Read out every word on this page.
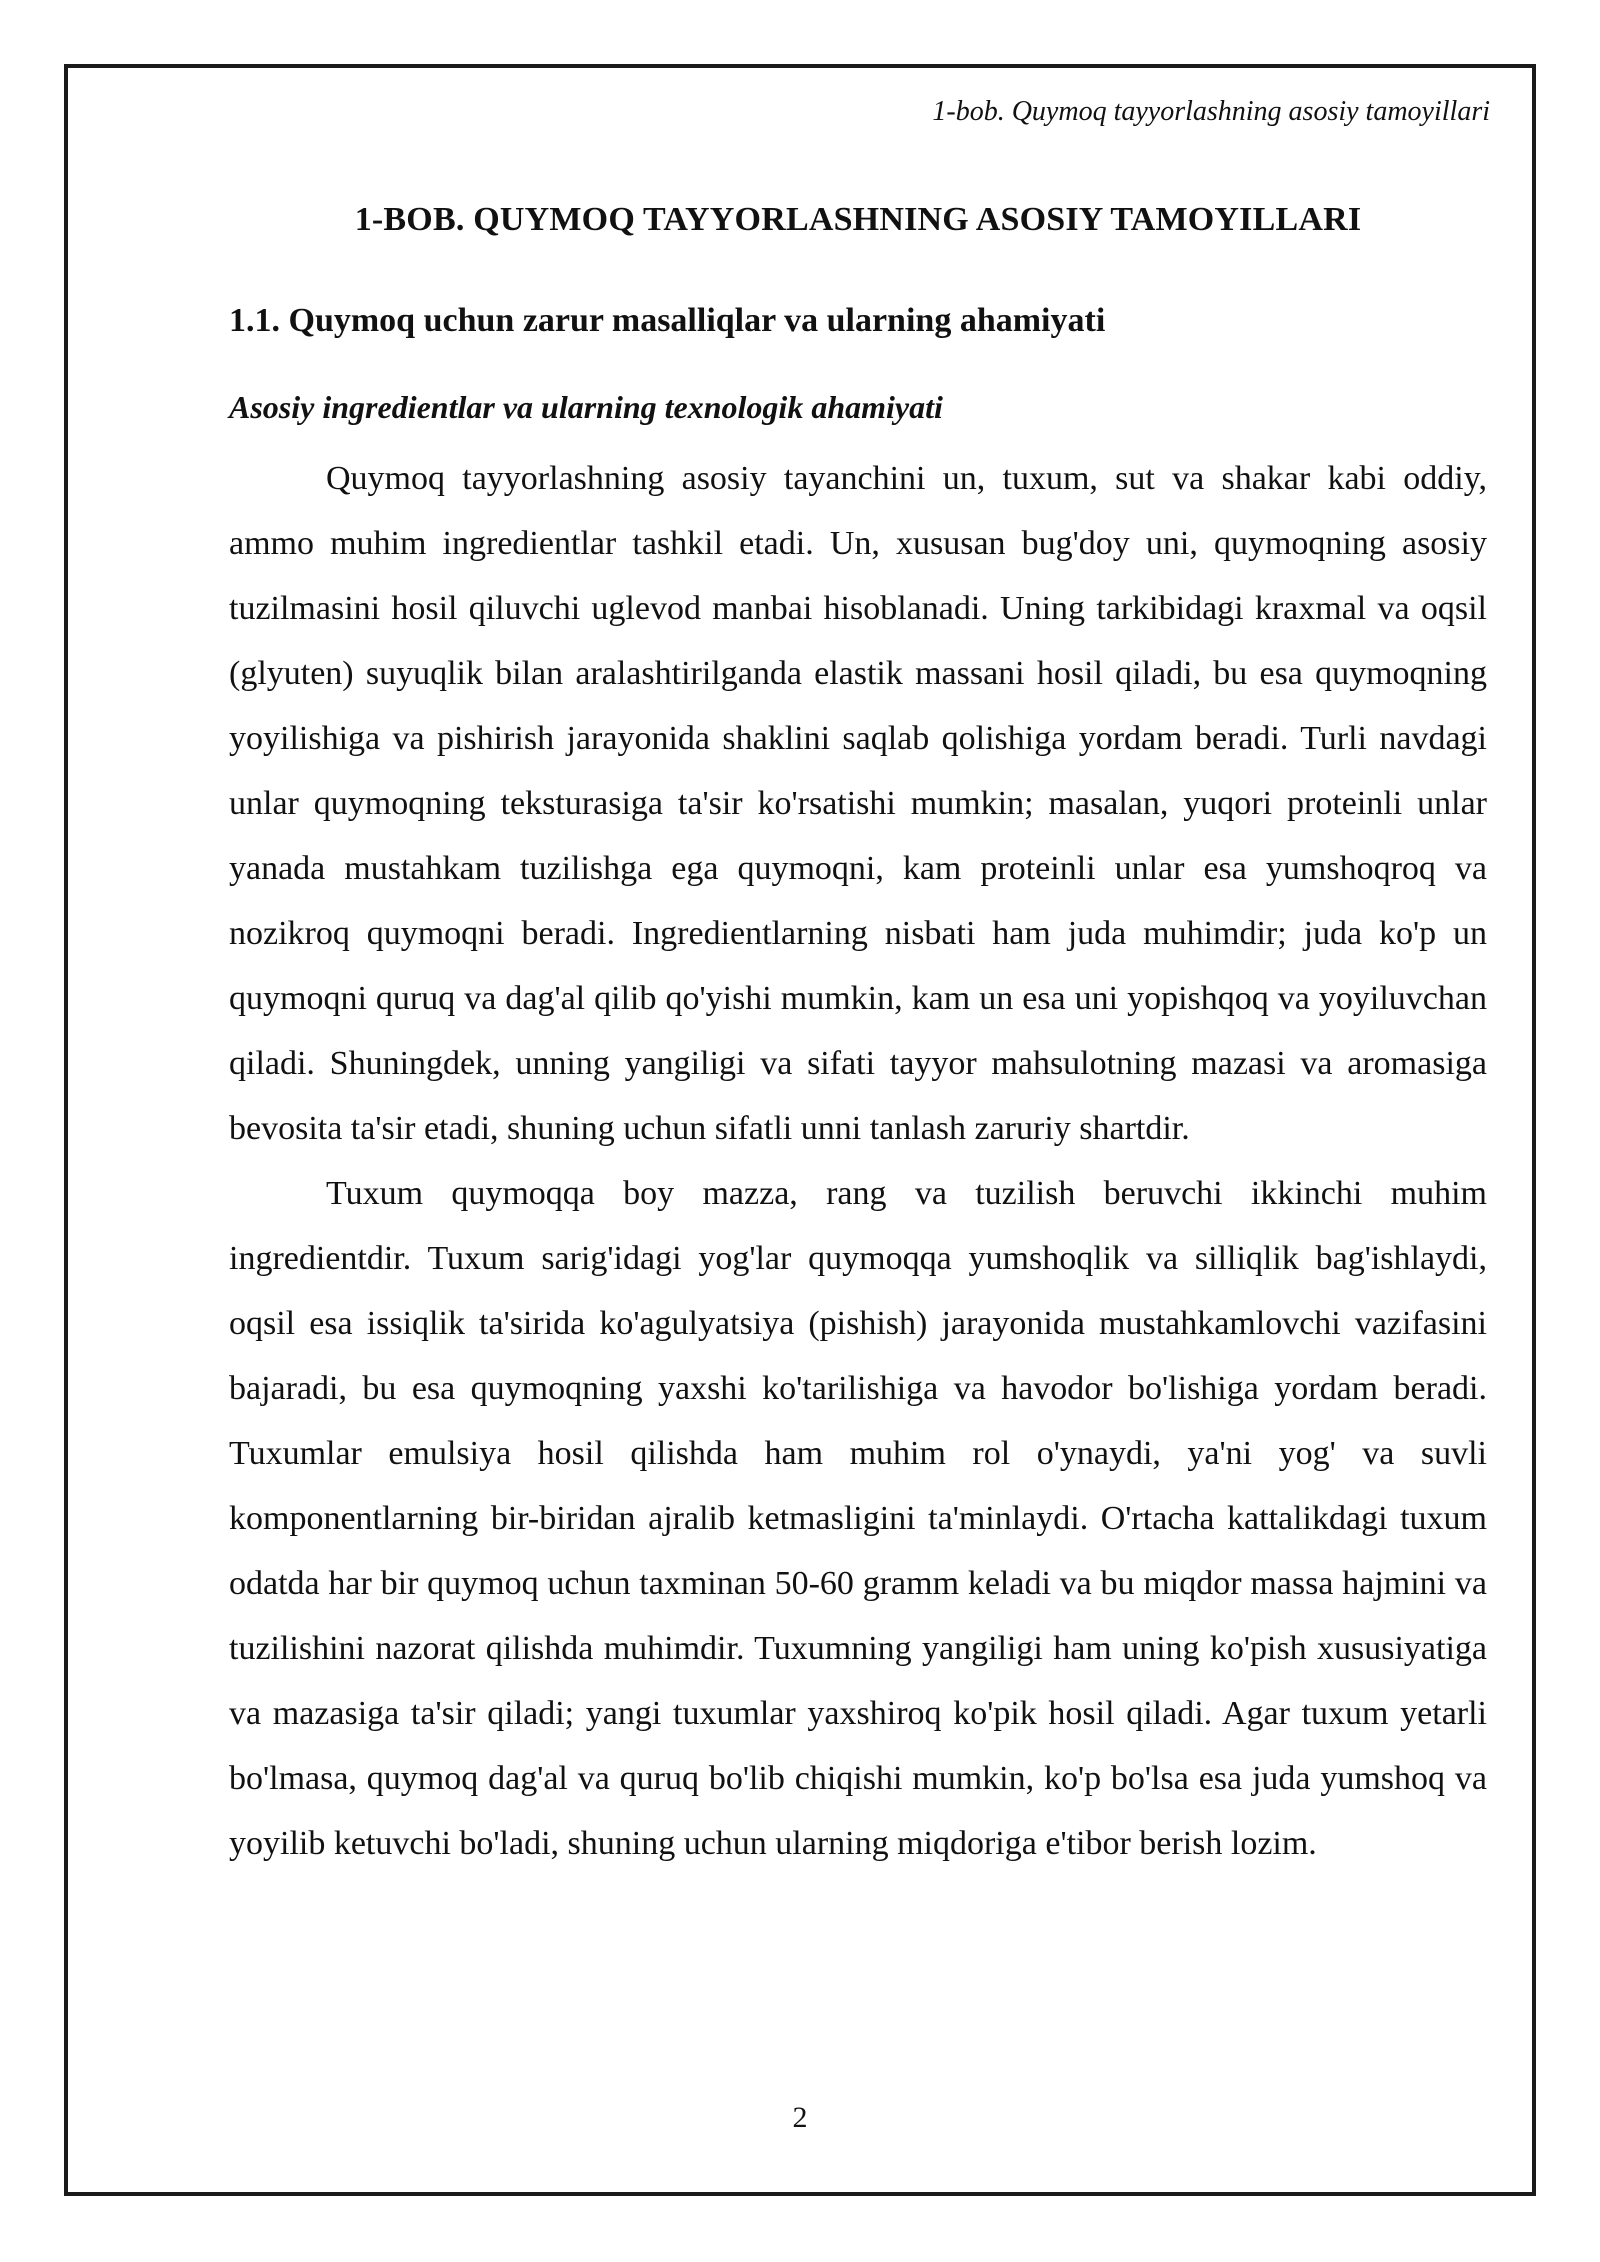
1-bob. Quymoq tayyorlashning asosiy tamoyillari
1-BOB. QUYMOQ TAYYORLASHNING ASOSIY TAMOYILLARI
1.1. Quymoq uchun zarur masalliqlar va ularning ahamiyati
Asosiy ingredientlar va ularning texnologik ahamiyati

Quymoq tayyorlashning asosiy tayanchini un, tuxum, sut va shakar kabi oddiy, ammo muhim ingredientlar tashkil etadi. Un, xususan bug'doy uni, quymoqning asosiy tuzilmasini hosil qiluvchi uglevod manbai hisoblanadi. Uning tarkibidagi kraxmal va oqsil (glyuten) suyuqlik bilan aralashtirilganda elastik massani hosil qiladi, bu esa quymoqning yoyilishiga va pishirish jarayonida shaklini saqlab qolishiga yordam beradi. Turli navdagi unlar quymoqning teksturasiga ta'sir ko'rsatishi mumkin; masalan, yuqori proteinli unlar yanada mustahkam tuzilishga ega quymoqni, kam proteinli unlar esa yumshoqroq va nozikroq quymoqni beradi. Ingredientlarning nisbati ham juda muhimdir; juda ko'p un quymoqni quruq va dag'al qilib qo'yishi mumkin, kam un esa uni yopishqoq va yoyiluvchan qiladi. Shuningdek, unning yangiligi va sifati tayyor mahsulotning mazasi va aromasiga bevosita ta'sir etadi, shuning uchun sifatli unni tanlash zaruriy shartdir.

Tuxum quymoqqa boy mazza, rang va tuzilish beruvchi ikkinchi muhim ingredientdir. Tuxum sarig'idagi yog'lar quymoqqa yumshoqlik va silliqlik bag'ishlaydi, oqsil esa issiqlik ta'sirida ko'agulyatsiya (pishish) jarayonida mustahkamlovchi vazifasini bajaradi, bu esa quymoqning yaxshi ko'tarilishiga va havodor bo'lishiga yordam beradi. Tuxumlar emulsiya hosil qilishda ham muhim rol o'ynaydi, ya'ni yog' va suvli komponentlarning bir-biridan ajralib ketmasligini ta'minlaydi. O'rtacha kattalikdagi tuxum odatda har bir quymoq uchun taxminan 50-60 gramm keladi va bu miqdor massa hajmini va tuzilishini nazorat qilishda muhimdir. Tuxumning yangiligi ham uning ko'pish xususiyatiga va mazasiga ta'sir qiladi; yangi tuxumlar yaxshiroq ko'pik hosil qiladi. Agar tuxum yetarli bo'lmasa, quymoq dag'al va quruq bo'lib chiqishi mumkin, ko'p bo'lsa esa juda yumshoq va yoyilib ketuvchi bo'ladi, shuning uchun ularning miqdoriga e'tibor berish lozim.

2
